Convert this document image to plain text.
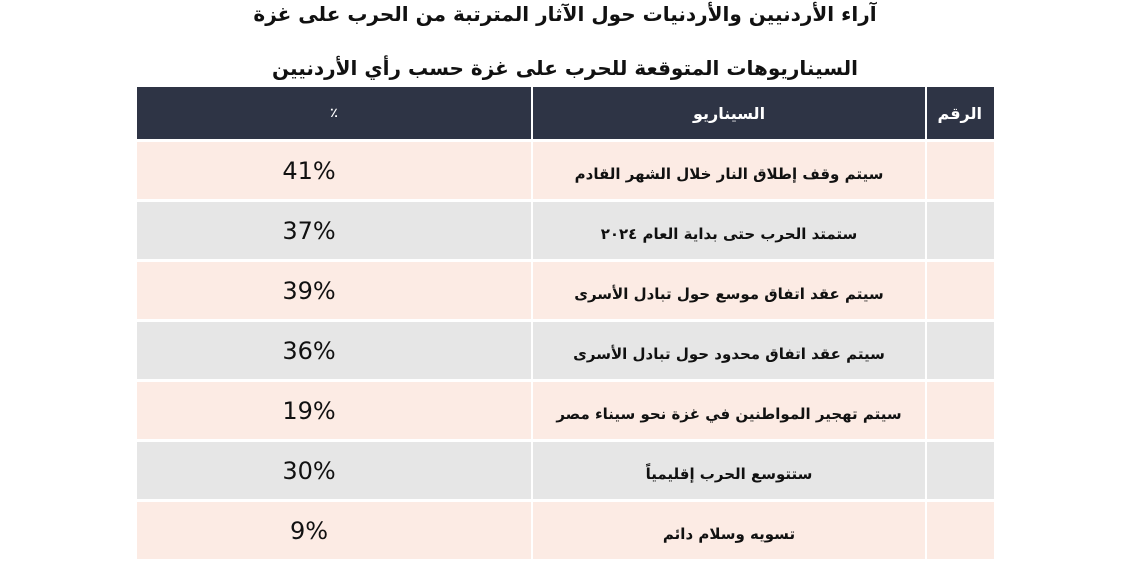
آراء الأردنيين والأردنيات حول الآثار المترتبة من الحرب على غزة
السيناريوهات المتوقعة للحرب على غزة حسب رأي الأردنيين
الرقم	السيناريو	٪
	سيتم وقف إطلاق النار خلال الشهر القادم	41%
	ستمتد الحرب حتى بداية العام ٢٠٢٤	37%
	سيتم عقد اتفاق موسع حول تبادل الأسرى	39%
	سيتم عقد اتفاق محدود حول تبادل الأسرى	36%
	سيتم تهجير المواطنين في غزة نحو سيناء مصر	19%
	ستتوسع الحرب إقليمياً	30%
	تسويه وسلام دائم	9%
